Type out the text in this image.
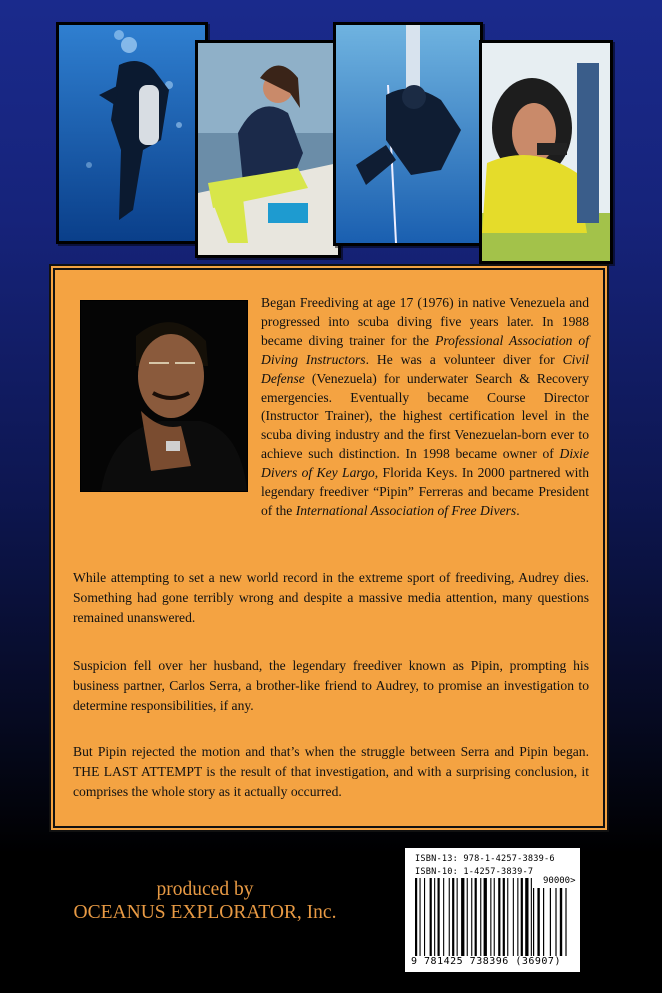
Began Freediving at age 17 (1976) in native Venezuela and progressed into scuba diving five years later. In 1988 became diving trainer for the Professional Association of Diving Instructors. He was a volunteer diver for Civil Defense (Venezuela) for underwater Search & Recovery emergencies. Eventually became Course Director (Instructor Trainer), the highest certification level in the scuba diving industry and the first Venezuelan-born ever to achieve such distinction. In 1998 became owner of Dixie Divers of Key Largo, Florida Keys. In 2000 partnered with legendary freediver “Pipin” Ferreras and became President of the International Association of Free Divers.

While attempting to set a new world record in the extreme sport of freediving, Audrey dies. Something had gone terribly wrong and despite a massive media attention, many questions remained unanswered.

Suspicion fell over her husband, the legendary freediver known as Pipin, prompting his business partner, Carlos Serra, a brother-like friend to Audrey, to promise an investigation to determine responsibilities, if any.

But Pipin rejected the motion and that’s when the struggle between Serra and Pipin began. THE LAST ATTEMPT is the result of that investigation, and with a surprising conclusion, it comprises the whole story as it actually occurred.

produced by
OCEANUS EXPLORATOR, Inc.
ISBN-13: 978-1-4257-3839-6
ISBN-10: 1-4257-3839-7
90000>
9 781425 738396 (36907)
